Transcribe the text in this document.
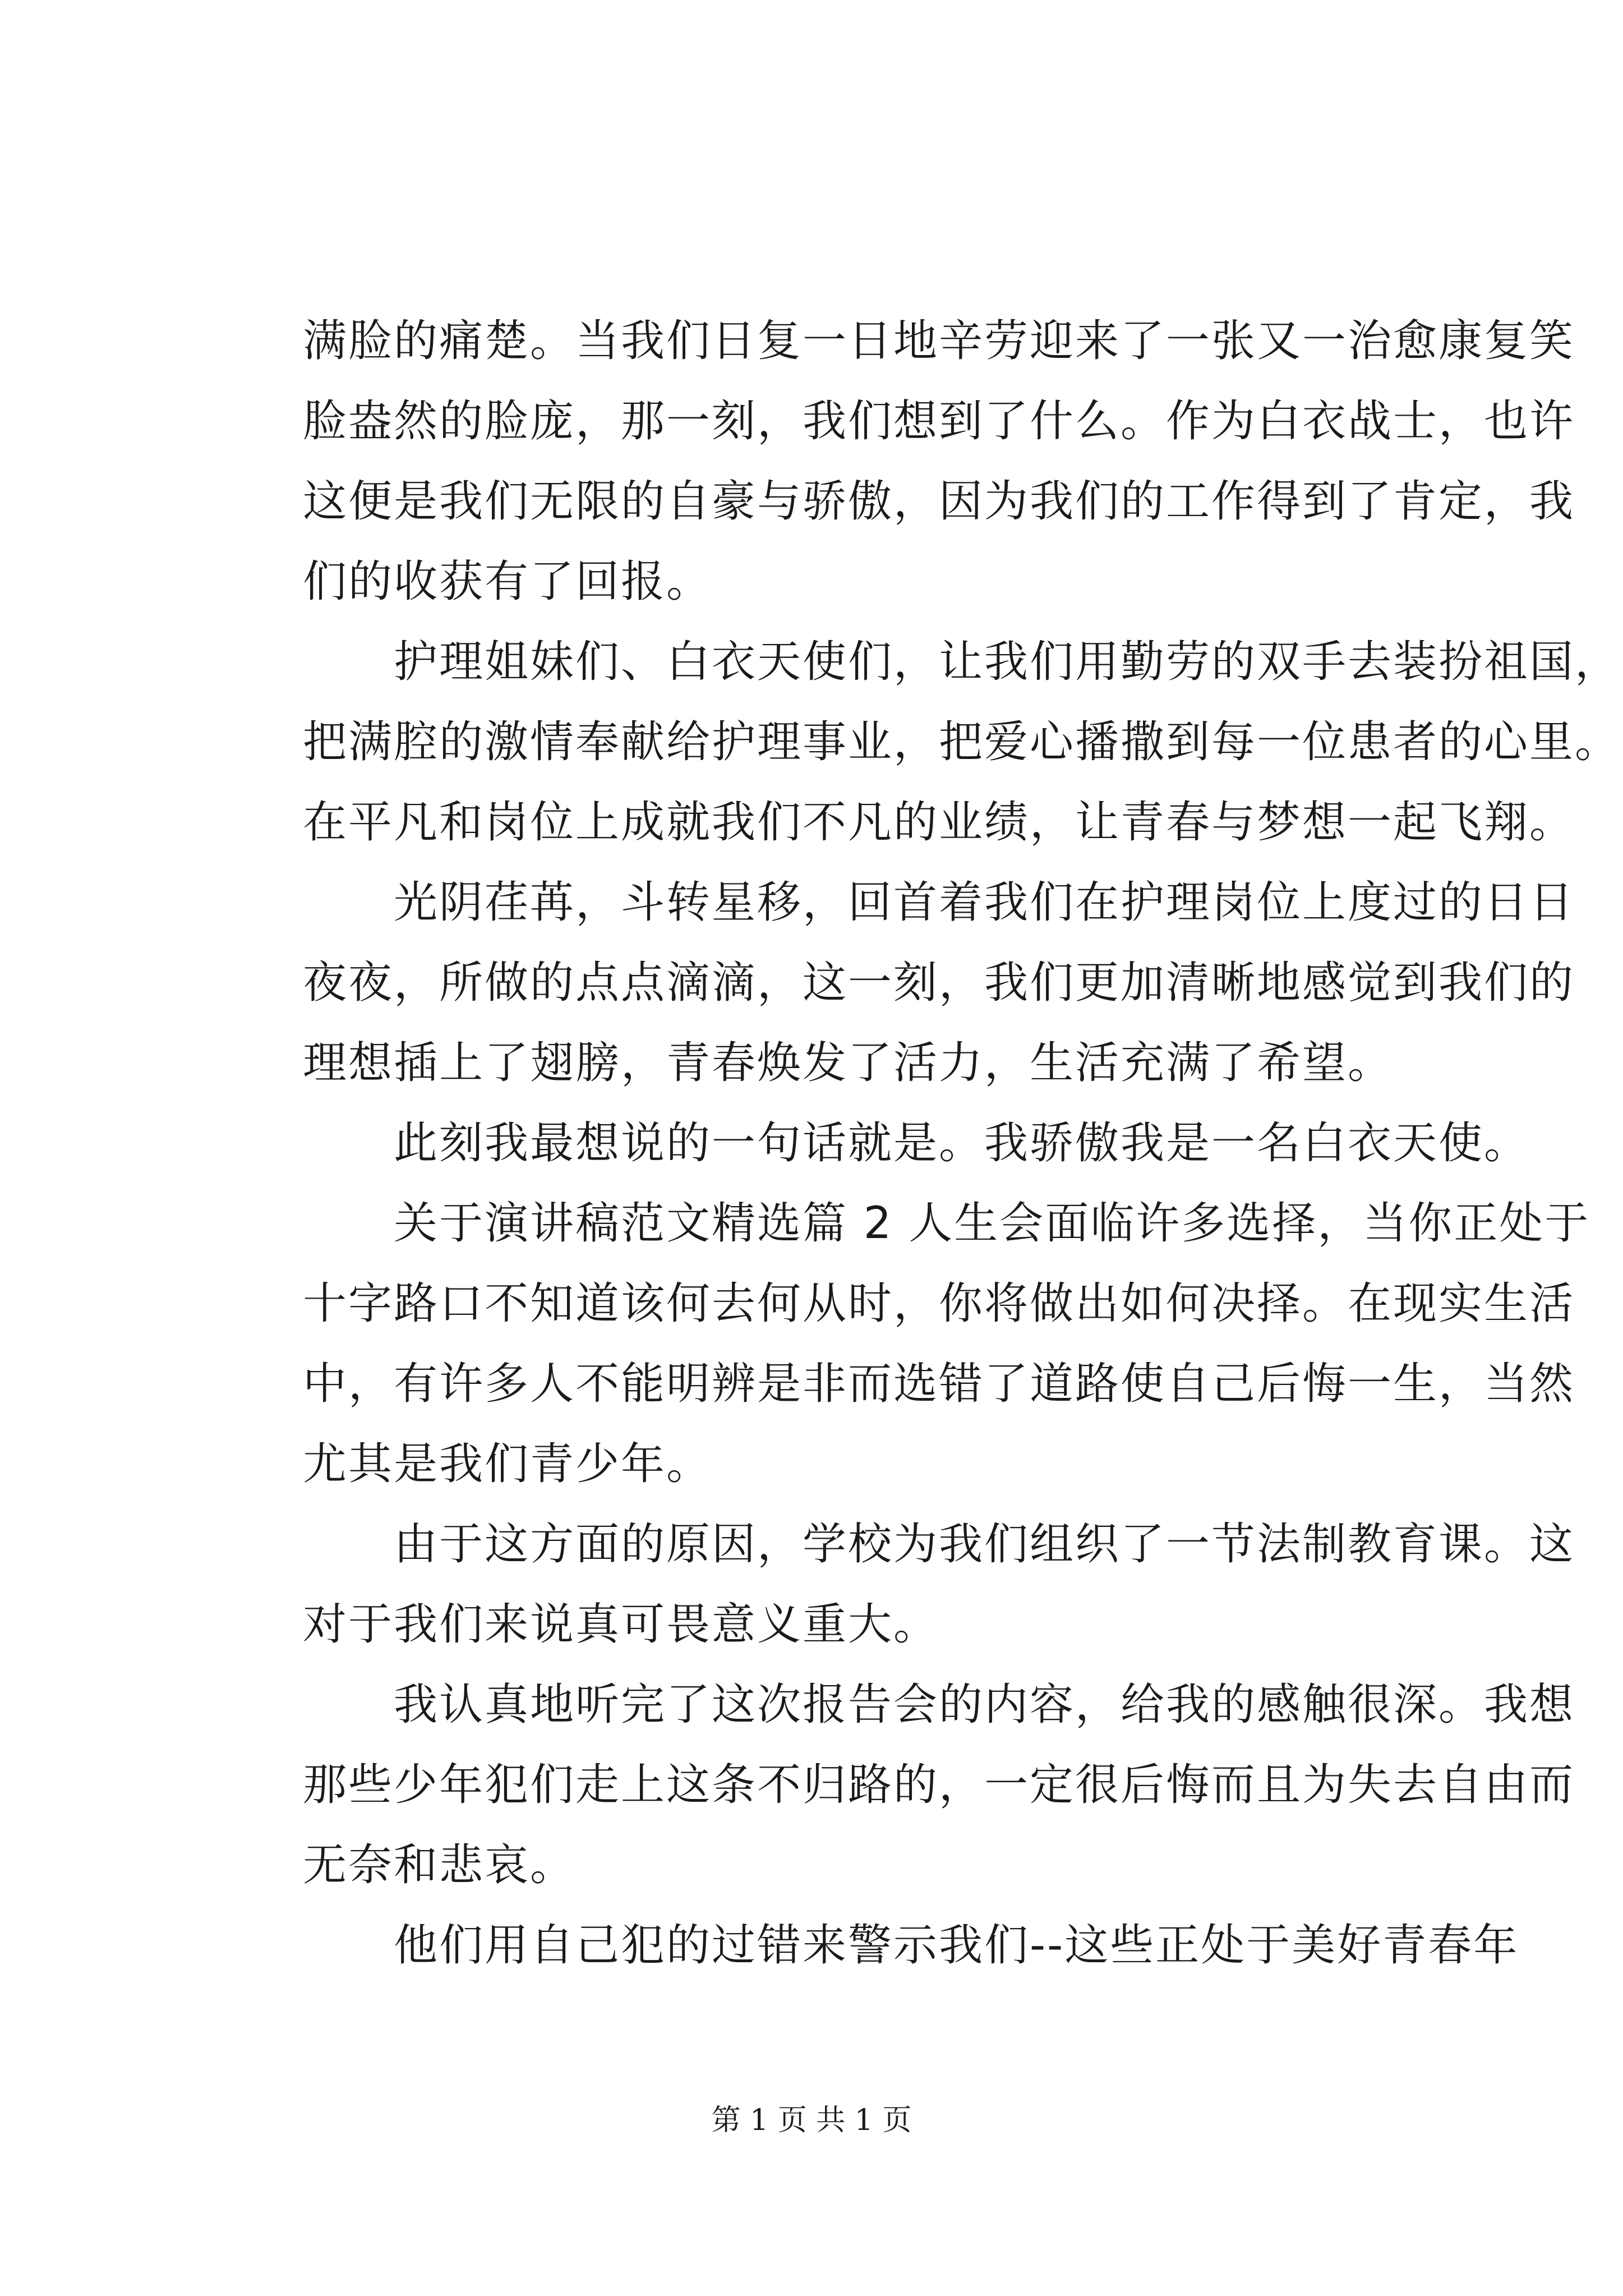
满脸的痛楚。当我们日复一日地辛劳迎来了一张又一治愈康复笑
脸盎然的脸庞，那一刻，我们想到了什么。作为白衣战士，也许
这便是我们无限的自豪与骄傲，因为我们的工作得到了肯定，我
们的收获有了回报。
　　护理姐妹们、白衣天使们，让我们用勤劳的双手去装扮祖国，
把满腔的激情奉献给护理事业，把爱心播撒到每一位患者的心里。
在平凡和岗位上成就我们不凡的业绩，让青春与梦想一起飞翔。
　　光阴荏苒，斗转星移，回首着我们在护理岗位上度过的日日
夜夜，所做的点点滴滴，这一刻，我们更加清晰地感觉到我们的
理想插上了翅膀，青春焕发了活力，生活充满了希望。
　　此刻我最想说的一句话就是。我骄傲我是一名白衣天使。
　　关于演讲稿范文精选篇 2 人生会面临许多选择，当你正处于
十字路口不知道该何去何从时，你将做出如何决择。在现实生活
中，有许多人不能明辨是非而选错了道路使自己后悔一生，当然
尤其是我们青少年。
　　由于这方面的原因，学校为我们组织了一节法制教育课。这
对于我们来说真可畏意义重大。
　　我认真地听完了这次报告会的内容，给我的感触很深。我想
那些少年犯们走上这条不归路的，一定很后悔而且为失去自由而
无奈和悲哀。
　　他们用自己犯的过错来警示我们--这些正处于美好青春年
第 1 页 共 1 页
